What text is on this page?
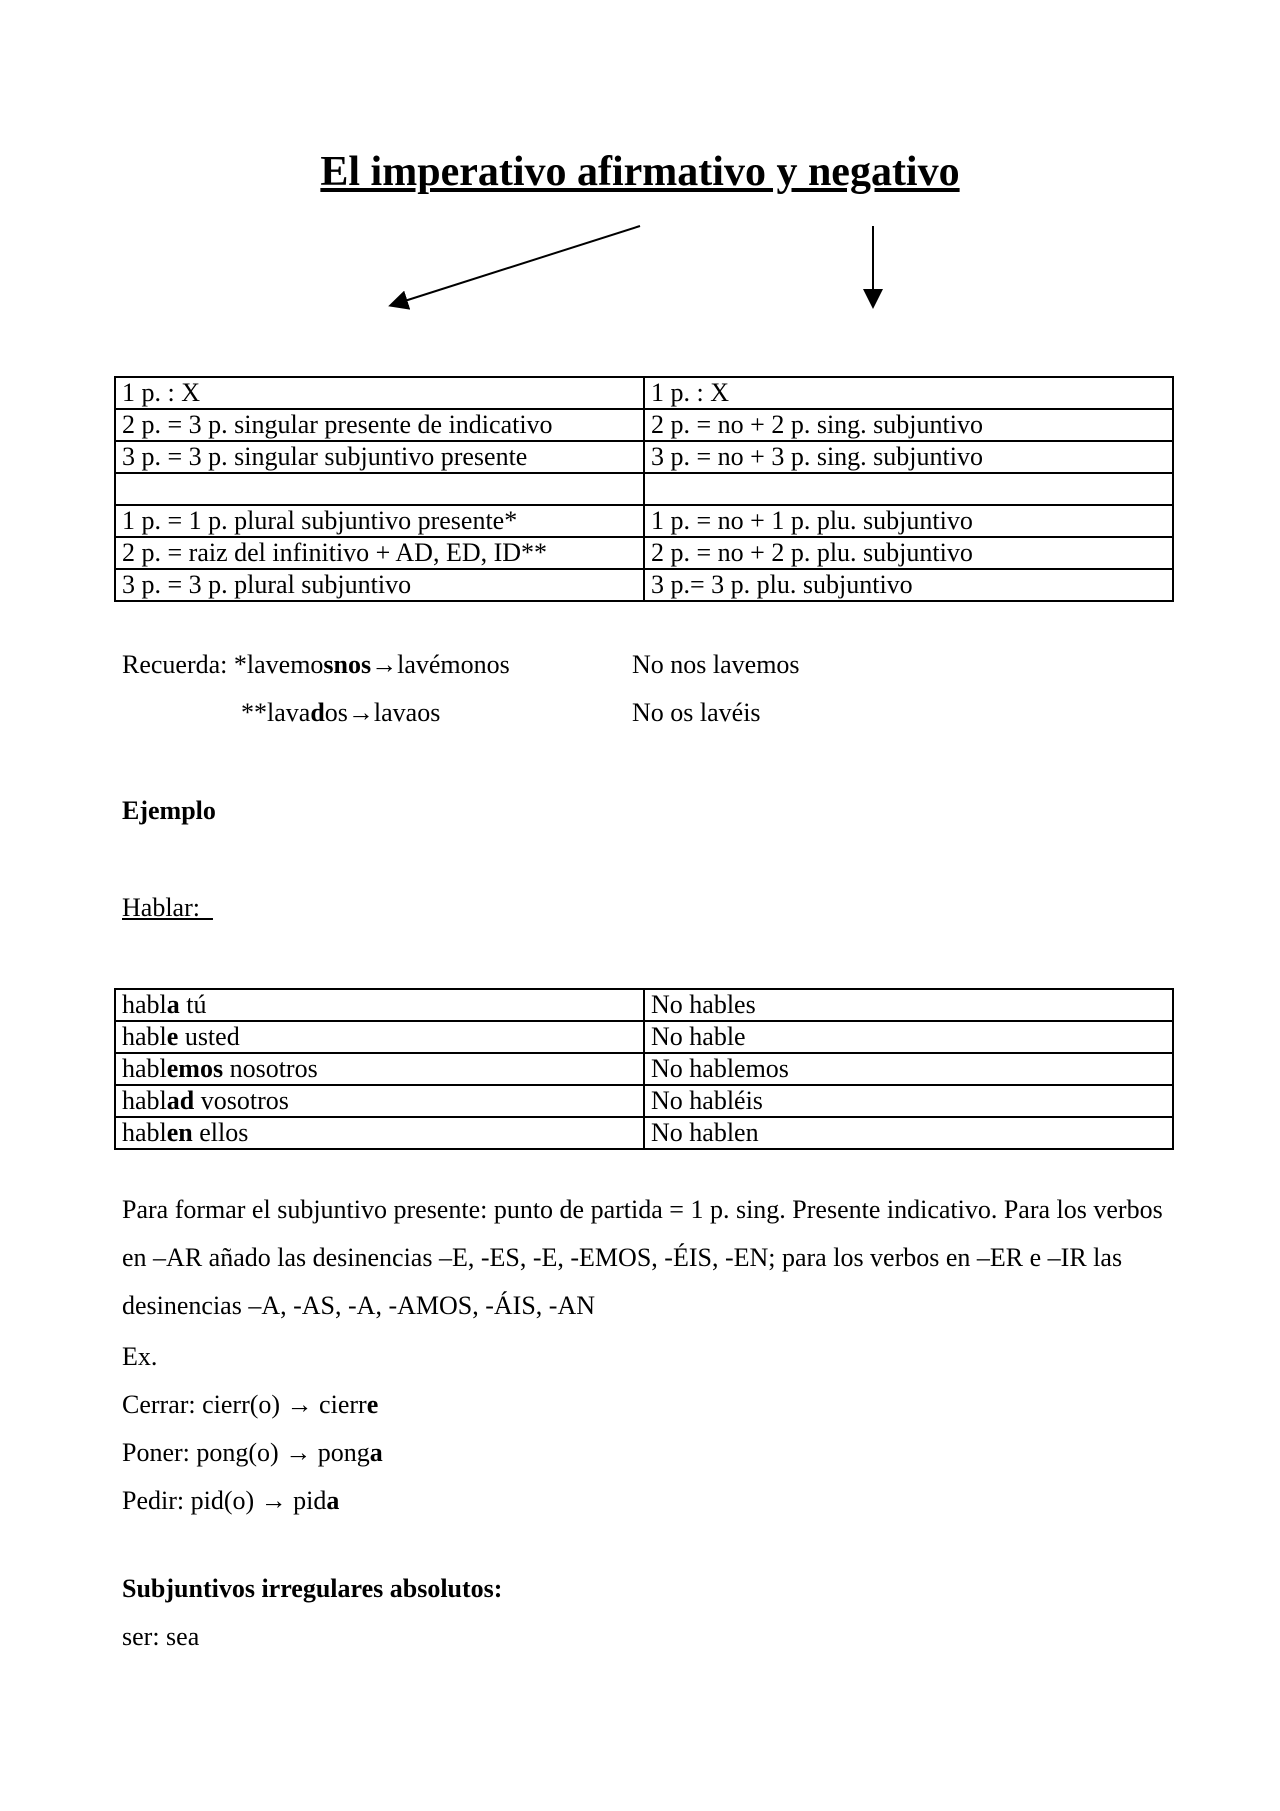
El imperativo afirmativo y negativo
1 p. : X	1 p. : X
2 p. = 3 p. singular presente de indicativo	2 p. = no + 2 p. sing. subjuntivo
3 p. = 3 p. singular subjuntivo presente	3 p. = no + 3 p. sing. subjuntivo

1 p. = 1 p. plural subjuntivo presente*	1 p. = no + 1 p. plu. subjuntivo
2 p. = raiz del infinitivo + AD, ED, ID**	2 p. = no + 2 p. plu. subjuntivo
3 p. = 3 p. plural subjuntivo	3 p.= 3 p. plu. subjuntivo
Recuerda: *lavemosnos→lavémonos	No nos lavemos
**lavados→lavaos	No os lavéis
Ejemplo
Hablar:
habla tú	No hables
hable usted	No hable
hablemos nosotros	No hablemos
hablad vosotros	No habléis
hablen ellos	No hablen
Para formar el subjuntivo presente: punto de partida = 1 p. sing. Presente indicativo. Para los verbos en –AR añado las desinencias –E, -ES, -E, -EMOS, -ÉIS, -EN; para los verbos en –ER e –IR las desinencias –A, -AS, -A, -AMOS, -ÁIS, -AN
Ex.
Cerrar: cierr(o) → cierre
Poner: pong(o) → ponga
Pedir: pid(o) → pida
Subjuntivos irregulares absolutos:
ser: sea
